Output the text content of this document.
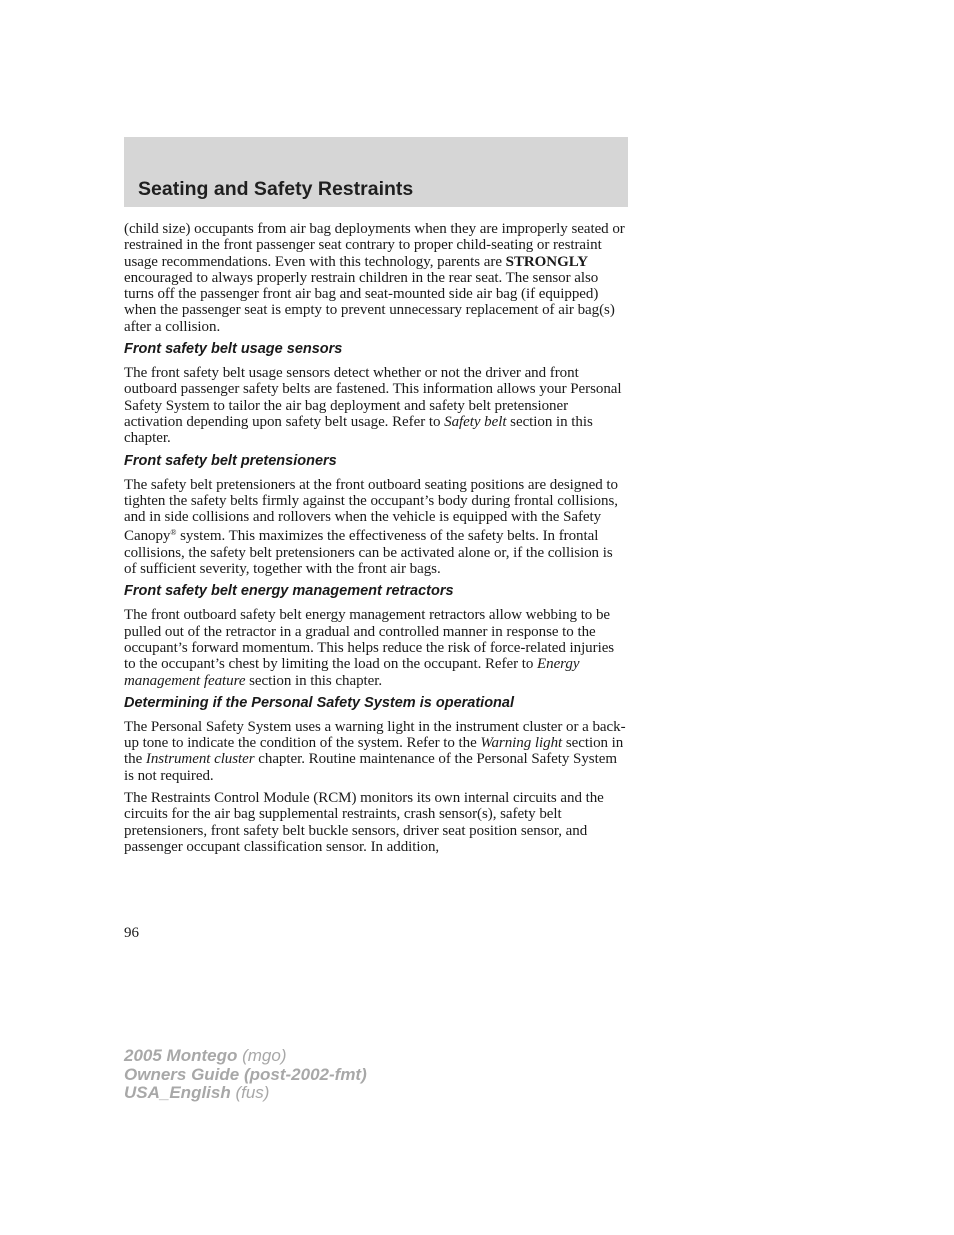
Seating and Safety Restraints

(child size) occupants from air bag deployments when they are improperly seated or restrained in the front passenger seat contrary to proper child-seating or restraint usage recommendations. Even with this technology, parents are STRONGLY encouraged to always properly restrain children in the rear seat. The sensor also turns off the passenger front air bag and seat-mounted side air bag (if equipped) when the passenger seat is empty to prevent unnecessary replacement of air bag(s) after a collision.

Front safety belt usage sensors

The front safety belt usage sensors detect whether or not the driver and front outboard passenger safety belts are fastened. This information allows your Personal Safety System to tailor the air bag deployment and safety belt pretensioner activation depending upon safety belt usage. Refer to Safety belt section in this chapter.

Front safety belt pretensioners

The safety belt pretensioners at the front outboard seating positions are designed to tighten the safety belts firmly against the occupant’s body during frontal collisions, and in side collisions and rollovers when the vehicle is equipped with the Safety Canopy® system. This maximizes the effectiveness of the safety belts. In frontal collisions, the safety belt pretensioners can be activated alone or, if the collision is of sufficient severity, together with the front air bags.

Front safety belt energy management retractors

The front outboard safety belt energy management retractors allow webbing to be pulled out of the retractor in a gradual and controlled manner in response to the occupant’s forward momentum. This helps reduce the risk of force-related injuries to the occupant’s chest by limiting the load on the occupant. Refer to Energy management feature section in this chapter.

Determining if the Personal Safety System is operational

The Personal Safety System uses a warning light in the instrument cluster or a back-up tone to indicate the condition of the system. Refer to the Warning light section in the Instrument cluster chapter. Routine maintenance of the Personal Safety System is not required.

The Restraints Control Module (RCM) monitors its own internal circuits and the circuits for the air bag supplemental restraints, crash sensor(s), safety belt pretensioners, front safety belt buckle sensors, driver seat position sensor, and passenger occupant classification sensor. In addition,

96
2005 Montego (mgo)
Owners Guide (post-2002-fmt)
USA_English (fus)
